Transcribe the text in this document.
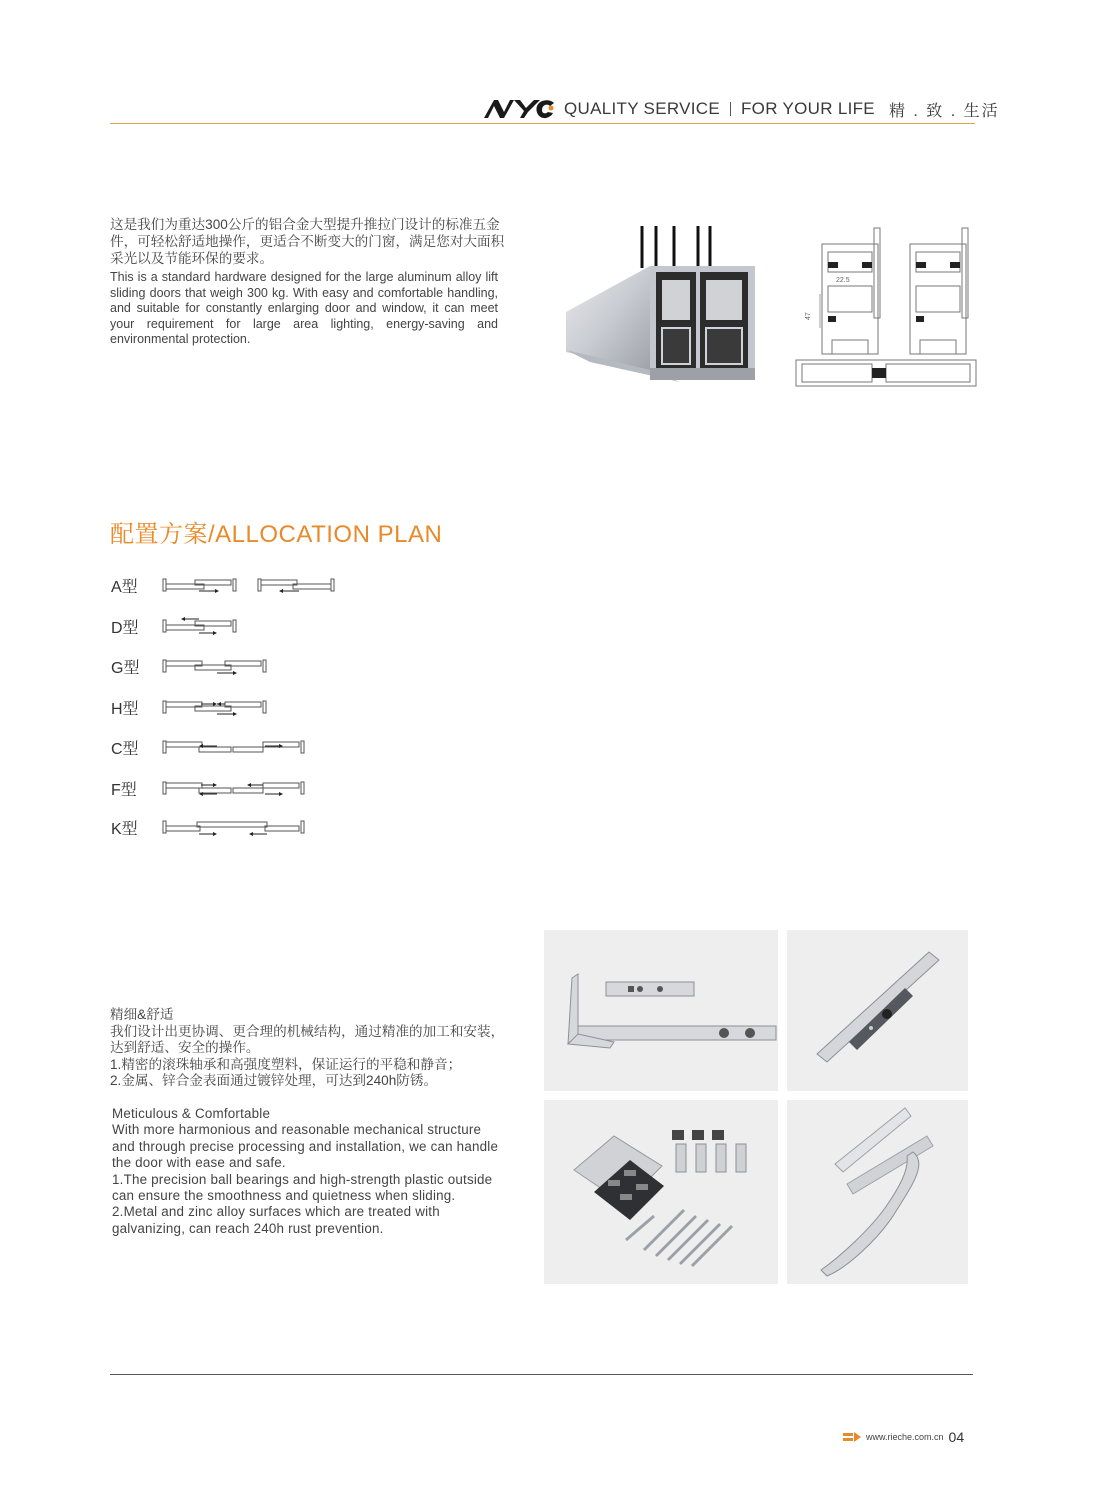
QUALITY SERVICE FOR YOUR LIFE 精 . 致 . 生活
这是我们为重达300公斤的铝合金大型提升推拉门设计的标准五金件，可轻松舒适地操作，更适合不断变大的门窗，满足您对大面积采光以及节能环保的要求。
This is a standard hardware designed for the large aluminum alloy lift sliding doors that weigh 300 kg. With easy and comfortable handling, and suitable for constantly enlarging door and window, it can meet your requirement for large area lighting, energy-saving and environmental protection.
22.5
47
配置方案/ALLOCATION PLAN
A型
D型
G型
H型
C型
F型
K型
精细&舒适
我们设计出更协调、更合理的机械结构，通过精准的加工和安装，达到舒适、安全的操作。
1.精密的滚珠轴承和高强度塑料，保证运行的平稳和静音；
2.金属、锌合金表面通过镀锌处理，可达到240h防锈。
Meticulous & Comfortable
With more harmonious and reasonable mechanical structure and through precise processing and installation, we can handle the door with ease and safe.
1.The precision ball bearings and high-strength plastic outside can ensure the smoothness and quietness when sliding.
2.Metal and zinc alloy surfaces which are treated with galvanizing, can reach 240h rust prevention.
www.rieche.com.cn 04
